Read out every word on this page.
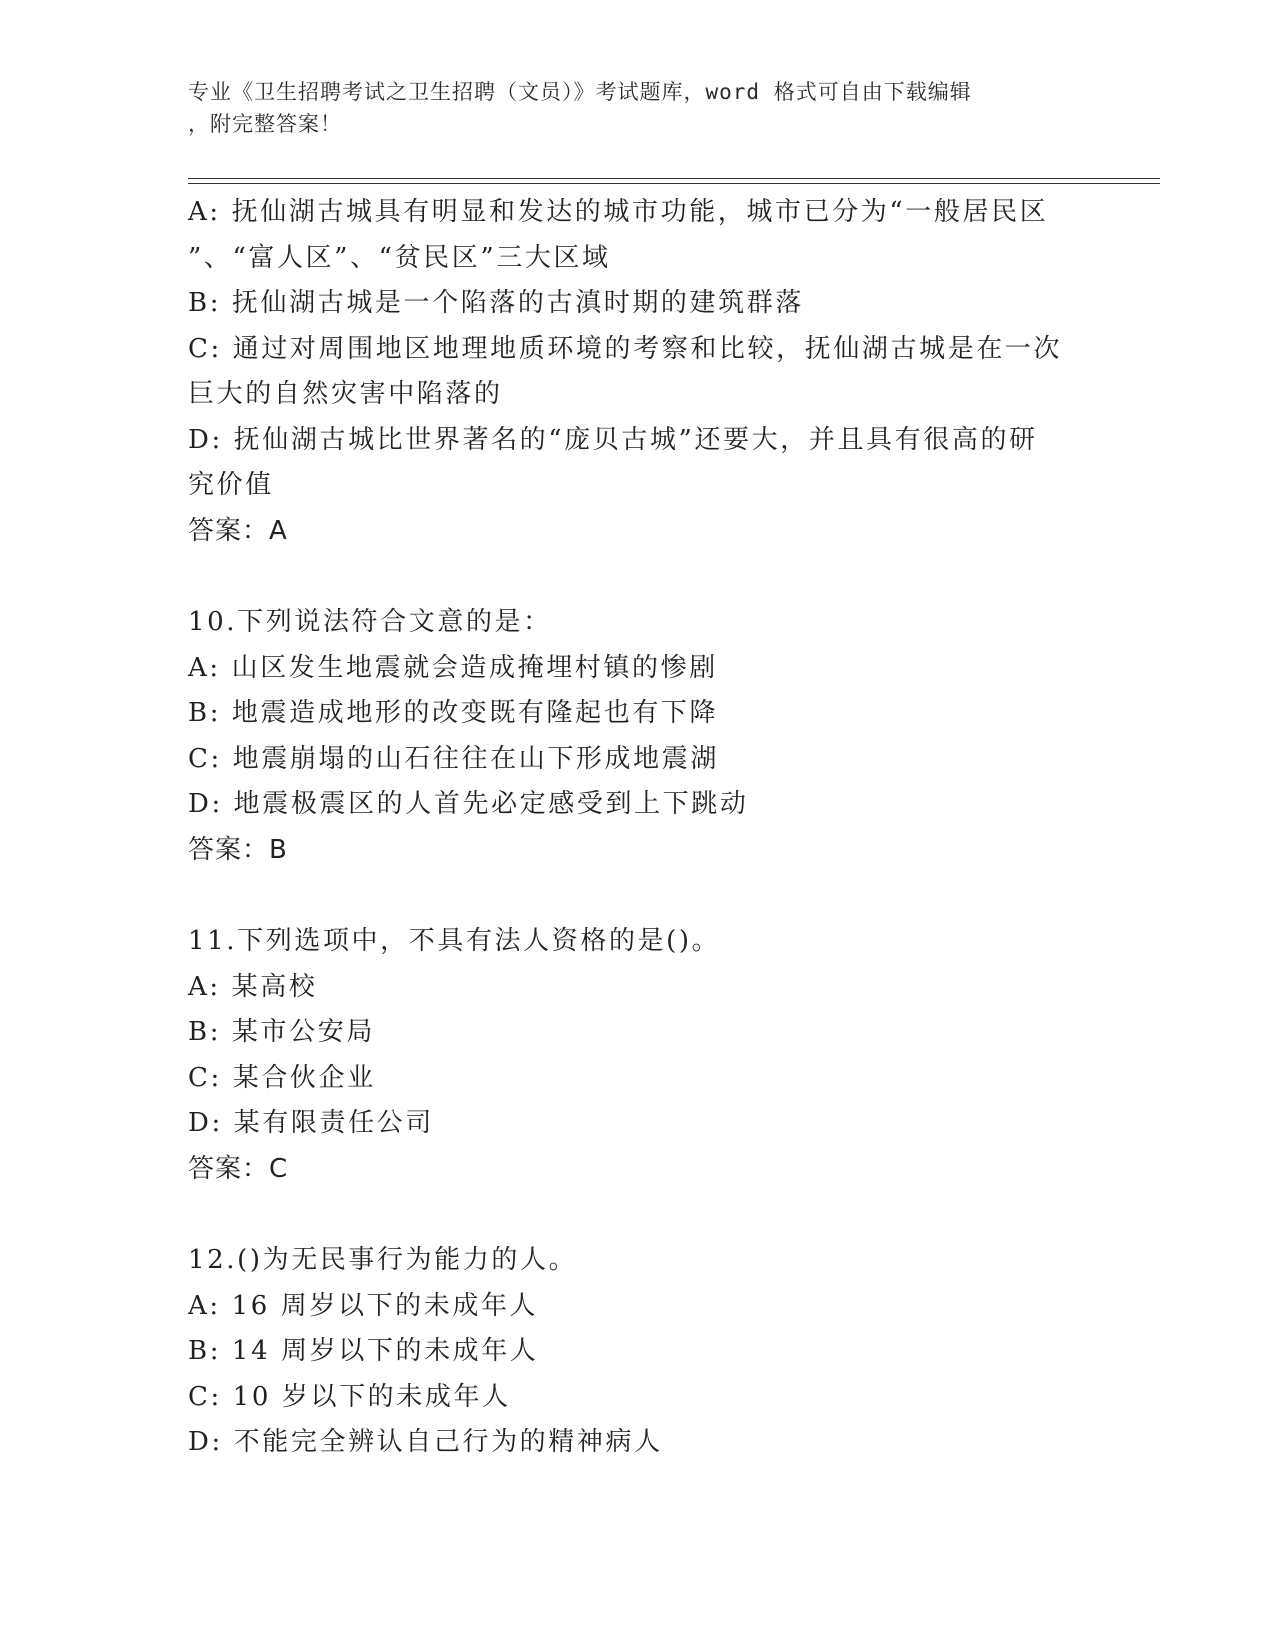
专业《卫生招聘考试之卫生招聘（文员）》考试题库，word 格式可自由下载编辑
，附完整答案！
A: 抚仙湖古城具有明显和发达的城市功能，城市已分为“一般居民区
”、“富人区”、“贫民区”三大区域
B: 抚仙湖古城是一个陷落的古滇时期的建筑群落
C: 通过对周围地区地理地质环境的考察和比较，抚仙湖古城是在一次
巨大的自然灾害中陷落的
D: 抚仙湖古城比世界著名的“庞贝古城”还要大，并且具有很高的研
究价值
答案：A
10.下列说法符合文意的是：
A: 山区发生地震就会造成掩埋村镇的惨剧
B: 地震造成地形的改变既有隆起也有下降
C: 地震崩塌的山石往往在山下形成地震湖
D: 地震极震区的人首先必定感受到上下跳动
答案：B
11.下列选项中，不具有法人资格的是()。
A: 某高校
B: 某市公安局
C: 某合伙企业
D: 某有限责任公司
答案：C
12.()为无民事行为能力的人。
A: 16 周岁以下的未成年人
B: 14 周岁以下的未成年人
C: 10 岁以下的未成年人
D: 不能完全辨认自己行为的精神病人
